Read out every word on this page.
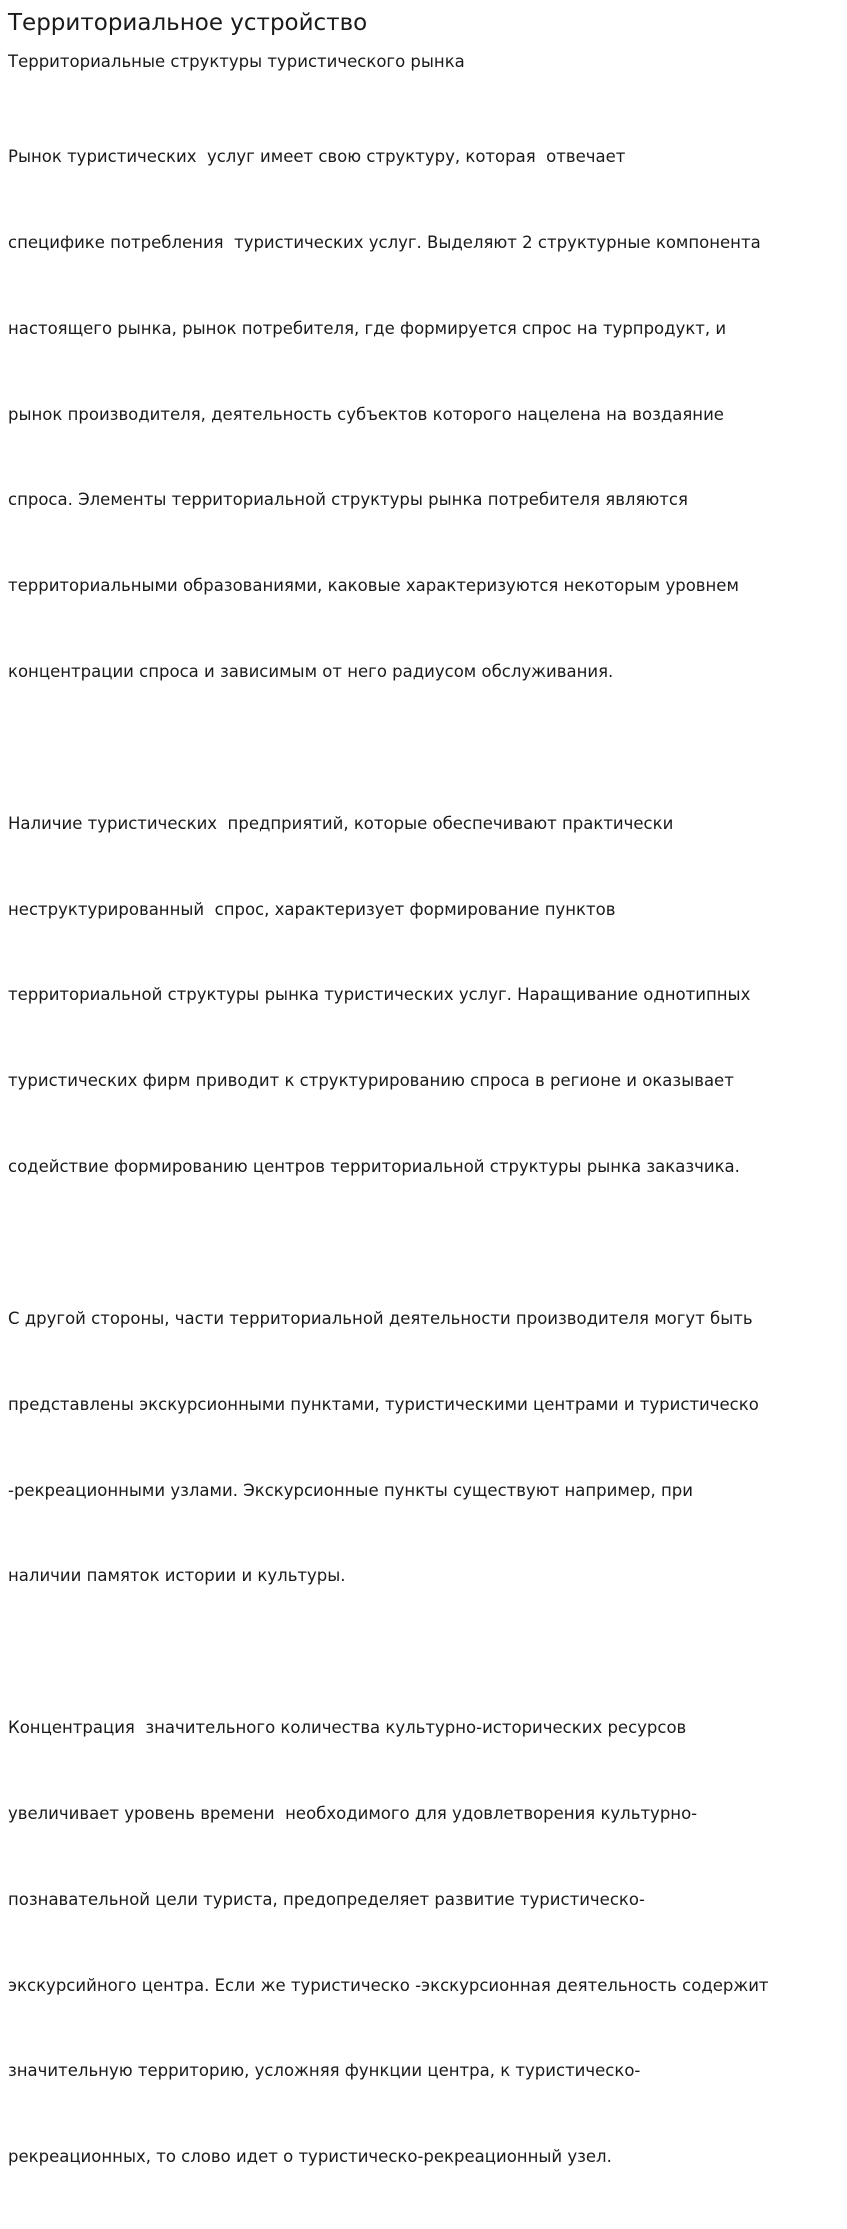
Территориальное устройство
Территориальные структуры туристического рынка

Рынок туристических  услуг имеет свою структуру, которая  отвечает

специфике потребления  туристических услуг. Выделяют 2 структурные компонента

настоящего рынка, рынок потребителя, где формируется спрос на турпродукт, и

рынок производителя, деятельность субъектов которого нацелена на воздаяние

спроса. Элементы территориальной структуры рынка потребителя являются

территориальными образованиями, каковые характеризуются некоторым уровнем

концентрации спроса и зависимым от него радиусом обслуживания.

Наличие туристических  предприятий, которые обеспечивают практически

неструктурированный  спрос, характеризует формирование пунктов

территориальной структуры рынка туристических услуг. Наращивание однотипных

туристических фирм приводит к структурированию спроса в регионе и оказывает

содействие формированию центров территориальной структуры рынка заказчика.

С другой стороны, части территориальной деятельности производителя могут быть

представлены экскурсионными пунктами, туристическими центрами и туристическо

-рекреационными узлами. Экскурсионные пункты существуют например, при

наличии памяток истории и культуры.

Концентрация  значительного количества культурно-исторических ресурсов

увеличивает уровень времени  необходимого для удовлетворения культурно-

познавательной цели туриста, предопределяет развитие туристическо-

экскурсийного центра. Если же туристическо -экскурсионная деятельность содержит

значительную территорию, усложняя функции центра, к туристическо-

рекреационных, то слово идет о туристическо-рекреационный узел.
